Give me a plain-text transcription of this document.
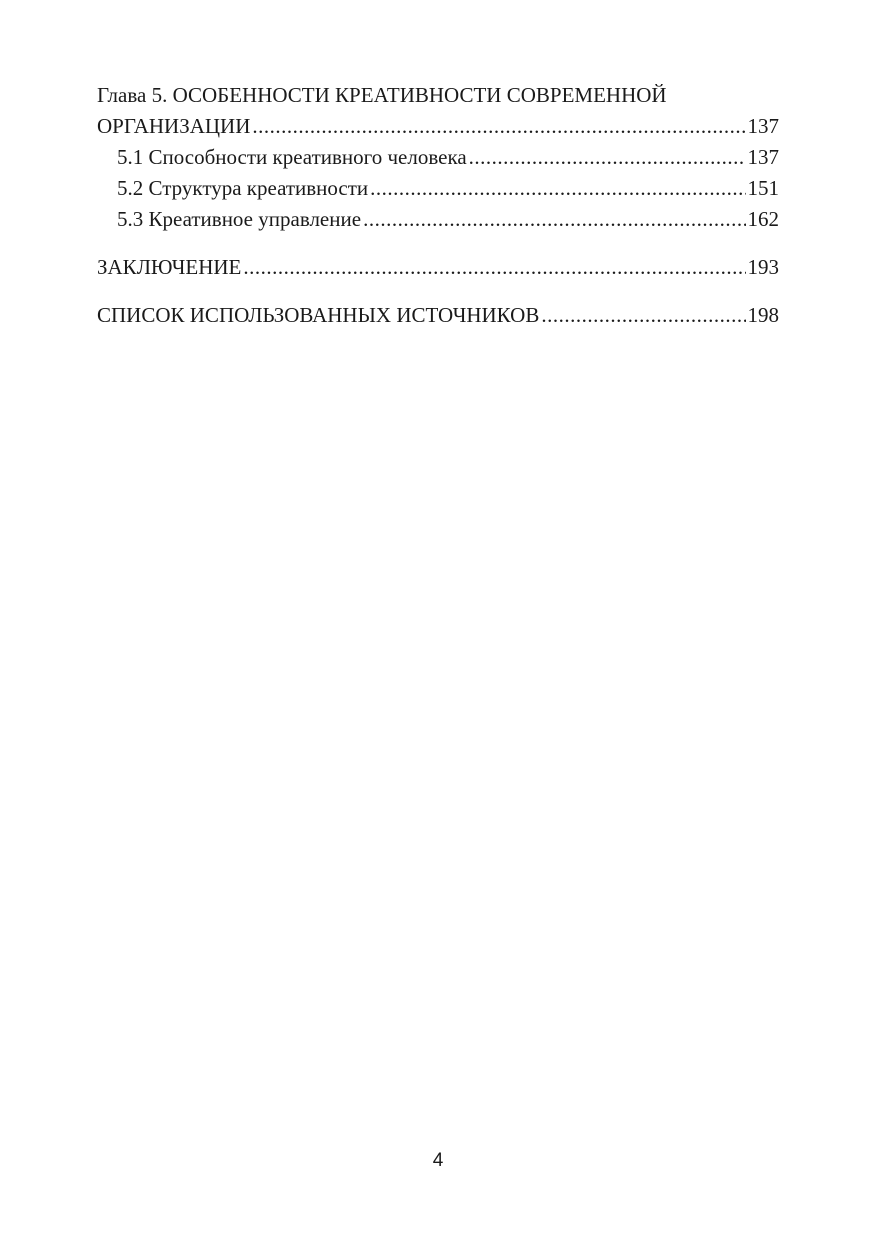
Глава 5. ОСОБЕННОСТИ КРЕАТИВНОСТИ СОВРЕМЕННОЙ
ОРГАНИЗАЦИИ .....	137
5.1 Способности креативного человека .....	137
5.2 Структура креативности .....	151
5.3 Креативное управление .....	162
ЗАКЛЮЧЕНИЕ .....	193
СПИСОК ИСПОЛЬЗОВАННЫХ ИСТОЧНИКОВ .....	198
4
